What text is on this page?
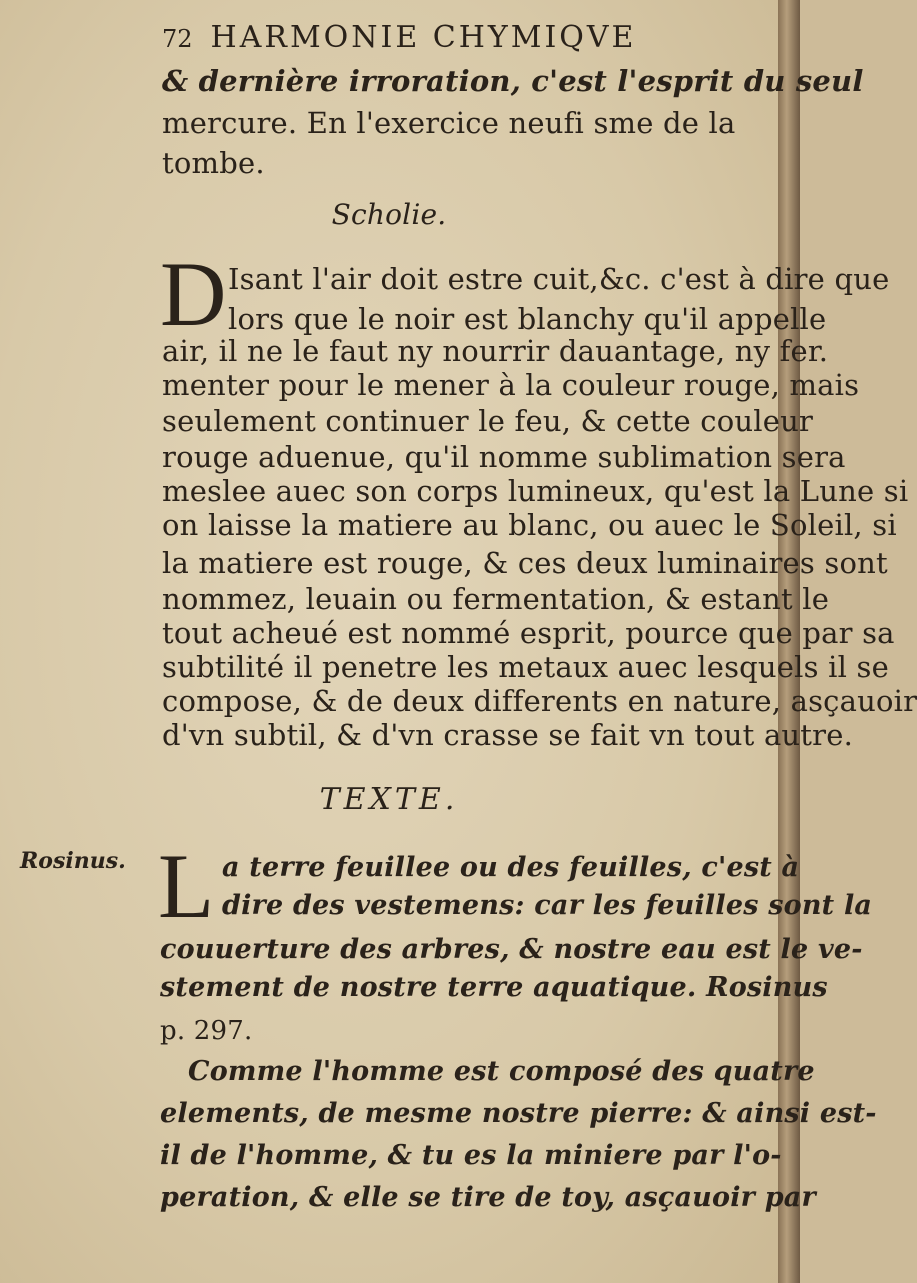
72 HARMONIE CHYMIQVE
& dernière irroration, c'est l'esprit du seul
mercure. En l'exercice neufi sme de la
tombe.
Scholie.
D Isant l'air doit estre cuit,&c. c'est à dire que
lors que le noir est blanchy qu'il appelle
air, il ne le faut ny nourrir dauantage, ny fer.
menter pour le mener à la couleur rouge, mais
seulement continuer le feu, & cette couleur
rouge aduenue, qu'il nomme sublimation sera
meslee auec son corps lumineux, qu'est la Lune si
on laisse la matiere au blanc, ou auec le Soleil, si
la matiere est rouge, & ces deux luminaires sont
nommez, leuain ou fermentation, & estant le
tout acheué est nommé esprit, pource que par sa
subtilité il penetre les metaux auec lesquels il se
compose, & de deux differents en nature, asçauoir
d'vn subtil, & d'vn crasse se fait vn tout autre.
TEXTE.
Rosinus. L a terre feuillee ou des feuilles, c'est à
dire des vestemens: car les feuilles sont la
couuerture des arbres, & nostre eau est le ve-
stement de nostre terre aquatique. Rosinus
p. 297.
Comme l'homme est composé des quatre
elements, de mesme nostre pierre: & ainsi est-
il de l'homme, & tu es la miniere par l'o-
peration, & elle se tire de toy, asçauoir par
